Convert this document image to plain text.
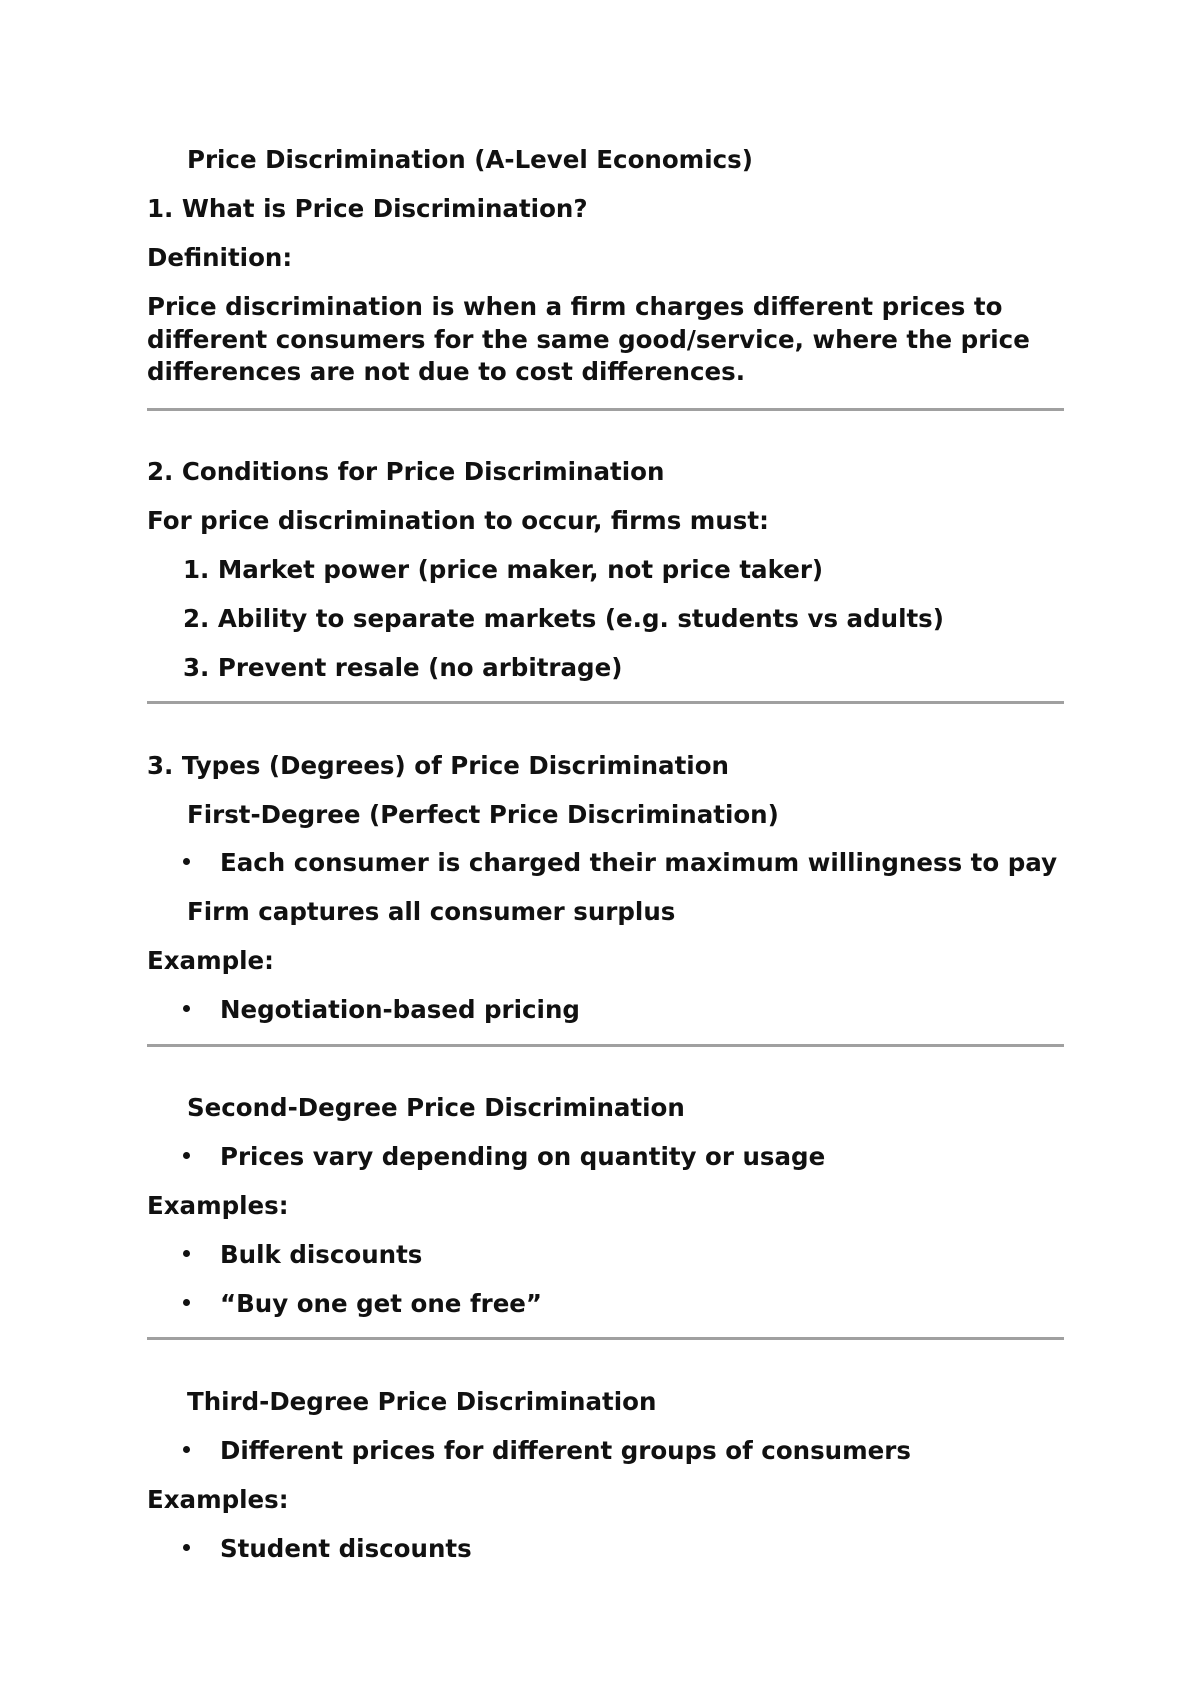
Price Discrimination (A-Level Economics)

1. What is Price Discrimination?

Definition:

Price discrimination is when a firm charges different prices to different consumers for the same good/service, where the price differences are not due to cost differences.

2. Conditions for Price Discrimination

For price discrimination to occur, firms must:

1. Market power (price maker, not price taker)

2. Ability to separate markets (e.g. students vs adults)

3. Prevent resale (no arbitrage)

3. Types (Degrees) of Price Discrimination

First-Degree (Perfect Price Discrimination)

Each consumer is charged their maximum willingness to pay

Firm captures all consumer surplus

Example:

Negotiation-based pricing

Second-Degree Price Discrimination

Prices vary depending on quantity or usage

Examples:

Bulk discounts

“Buy one get one free”

Third-Degree Price Discrimination

Different prices for different groups of consumers

Examples:

Student discounts
